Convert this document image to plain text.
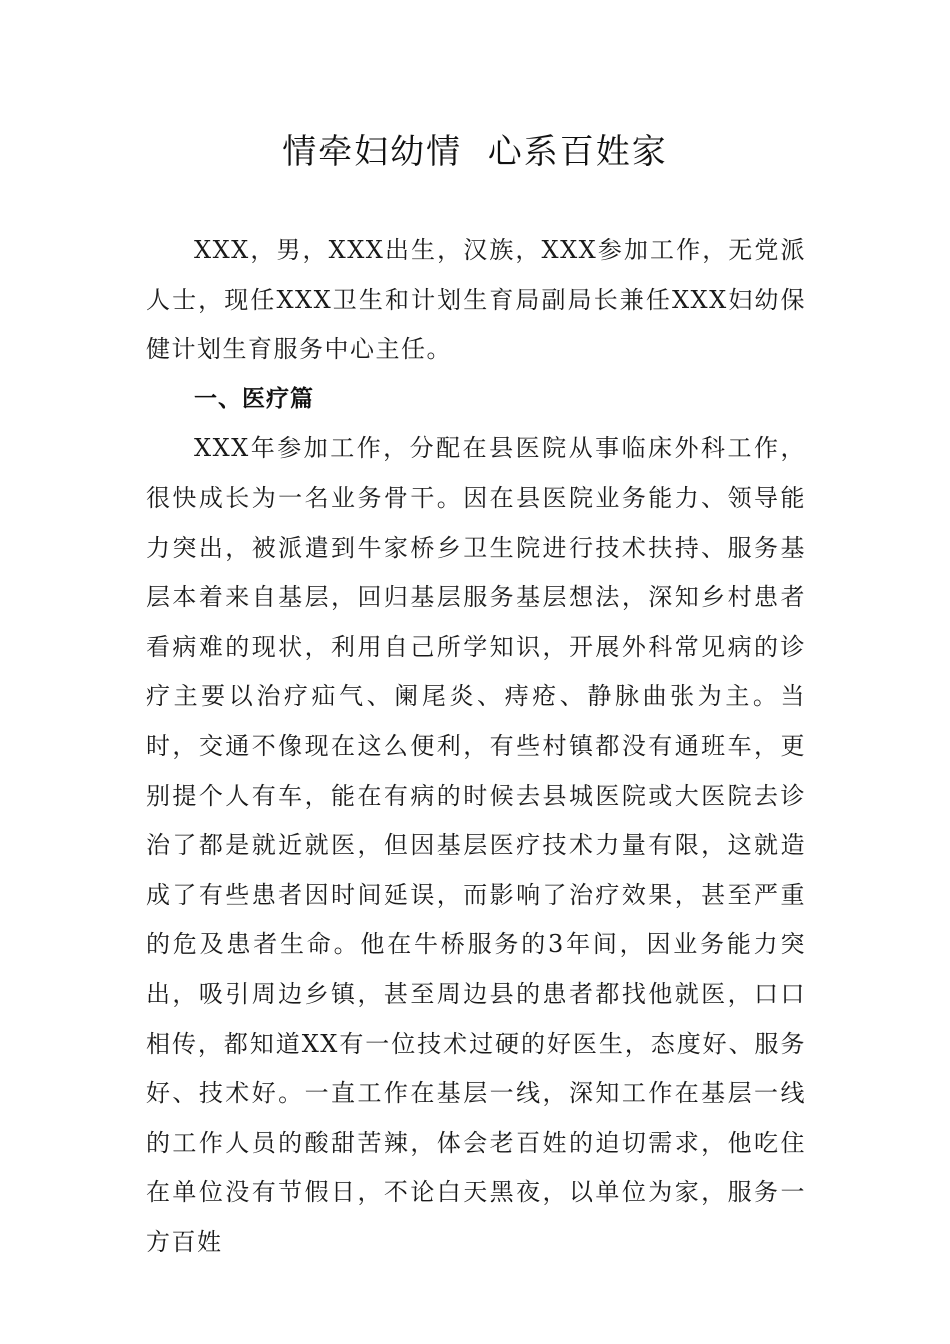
情牵妇幼情  心系百姓家

XXX，男，XXX出生，汉族，XXX参加工作，无党派人士，现任XXX卫生和计划生育局副局长兼任XXX妇幼保健计划生育服务中心主任。

一、医疗篇

XXX年参加工作，分配在县医院从事临床外科工作，很快成长为一名业务骨干。因在县医院业务能力、领导能力突出，被派遣到牛家桥乡卫生院进行技术扶持、服务基层本着来自基层，回归基层服务基层想法，深知乡村患者看病难的现状，利用自己所学知识，开展外科常见病的诊疗主要以治疗疝气、阑尾炎、痔疮、静脉曲张为主。当时，交通不像现在这么便利，有些村镇都没有通班车，更别提个人有车，能在有病的时候去县城医院或大医院去诊治了都是就近就医，但因基层医疗技术力量有限，这就造成了有些患者因时间延误，而影响了治疗效果，甚至严重的危及患者生命。他在牛桥服务的3年间，因业务能力突出，吸引周边乡镇，甚至周边县的患者都找他就医，口口相传，都知道XX有一位技术过硬的好医生，态度好、服务好、技术好。一直工作在基层一线，深知工作在基层一线的工作人员的酸甜苦辣，体会老百姓的迫切需求，他吃住在单位没有节假日，不论白天黑夜，以单位为家，服务一方百姓
